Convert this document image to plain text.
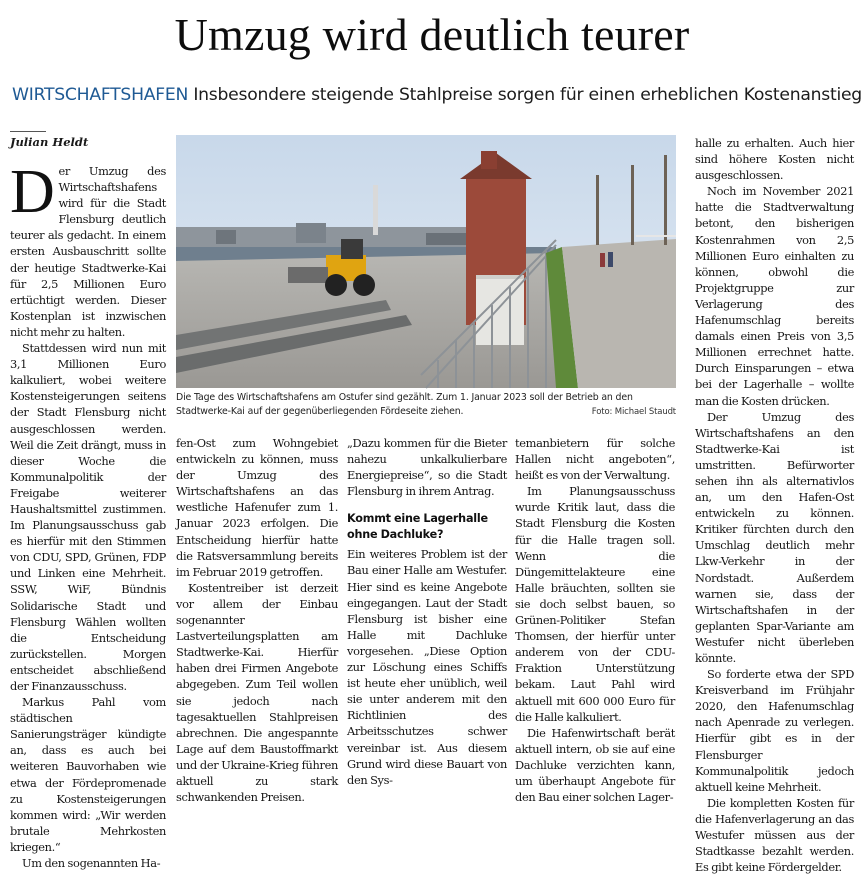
Umzug wird deutlich teurer
WIRTSCHAFTSHAFEN Insbesondere steigende Stahlpreise sorgen für einen erheblichen Kostenanstieg
Julian Heldt

Der Umzug des Wirtschaftshafens wird für die Stadt Flensburg deutlich teurer als gedacht. In einem ersten Ausbauschritt sollte der heutige Stadtwerke-Kai für 2,5 Millionen Euro ertüchtigt werden. Dieser Kostenplan ist inzwischen nicht mehr zu halten.

Stattdessen wird nun mit 3,1 Millionen Euro kalkuliert, wobei weitere Kostensteigerungen seitens der Stadt Flensburg nicht ausgeschlossen werden. Weil die Zeit drängt, muss in dieser Woche die Kommunalpolitik der Freigabe weiterer Haushaltsmittel zustimmen. Im Planungsausschuss gab es hierfür mit den Stimmen von CDU, SPD, Grünen, FDP und Linken eine Mehrheit. SSW, WiF, Bündnis Solidarische Stadt und Flensburg Wählen wollten die Entscheidung zurückstellen. Morgen entscheidet abschließend der Finanzausschuss.

Markus Pahl vom städtischen Sanierungsträger kündigte an, dass es auch bei weiteren Bauvorhaben wie etwa der Fördepromenade zu Kostensteigerungen kommen wird: „Wir werden brutale Mehrkosten kriegen.“

Um den sogenannten Ha-

Die Tage des Wirtschaftshafens am Ostufer sind gezählt. Zum 1. Januar 2023 soll der Betrieb an den Stadtwerke-Kai auf der gegenüberliegenden Fördeseite ziehen.	Foto: Michael Staudt

fen-Ost zum Wohngebiet entwickeln zu können, muss der Umzug des Wirtschaftshafens an das westliche Hafenufer zum 1. Januar 2023 erfolgen. Die Entscheidung hierfür hatte die Ratsversammlung bereits im Februar 2019 getroffen.

Kostentreiber ist derzeit vor allem der Einbau sogenannter Lastverteilungsplatten am Stadtwerke-Kai. Hierfür haben drei Firmen Angebote abgegeben. Zum Teil wollen sie jedoch nach tagesaktuellen Stahlpreisen abrechnen. Die angespannte Lage auf dem Baustoffmarkt und der Ukraine-Krieg führen aktuell zu stark schwankenden Preisen.

„Dazu kommen für die Bieter nahezu unkalkulierbare Energiepreise“, so die Stadt Flensburg in ihrem Antrag.

Kommt eine Lagerhalle ohne Dachluke?

Ein weiteres Problem ist der Bau einer Halle am Westufer. Hier sind es keine Angebote eingegangen. Laut der Stadt Flensburg ist bisher eine Halle mit Dachluke vorgesehen. „Diese Option zur Löschung eines Schiffs ist heute eher unüblich, weil sie unter anderem mit den Richtlinien des Arbeitsschutzes schwer vereinbar ist. Aus diesem Grund wird diese Bauart von den Sys-

temanbietern für solche Hallen nicht angeboten“, heißt es von der Verwaltung.

Im Planungsausschuss wurde Kritik laut, dass die Stadt Flensburg die Kosten für die Halle tragen soll. Wenn die Düngemittelakteure eine Halle bräuchten, sollten sie sie doch selbst bauen, so Grünen-Politiker Stefan Thomsen, der hierfür unter anderem von der CDU-Fraktion Unterstützung bekam. Laut Pahl wird aktuell mit 600 000 Euro für die Halle kalkuliert.

Die Hafenwirtschaft berät aktuell intern, ob sie auf eine Dachluke verzichten kann, um überhaupt Angebote für den Bau einer solchen Lager-

halle zu erhalten. Auch hier sind höhere Kosten nicht ausgeschlossen.

Noch im November 2021 hatte die Stadtverwaltung betont, den bisherigen Kostenrahmen von 2,5 Millionen Euro einhalten zu können, obwohl die Projektgruppe zur Verlagerung des Hafenumschlag bereits damals einen Preis von 3,5 Millionen errechnet hatte. Durch Einsparungen – etwa bei der Lagerhalle – wollte man die Kosten drücken.

Der Umzug des Wirtschaftshafens an den Stadtwerke-Kai ist umstritten. Befürworter sehen ihn als alternativlos an, um den Hafen-Ost entwickeln zu können. Kritiker fürchten durch den Umschlag deutlich mehr Lkw-Verkehr in der Nordstadt. Außerdem warnen sie, dass der Wirtschaftshafen in der geplanten Spar-Variante am Westufer nicht überleben könnte.

So forderte etwa der SPD Kreisverband im Frühjahr 2020, den Hafenumschlag nach Apenrade zu verlegen. Hierfür gibt es in der Flensburger Kommunalpolitik jedoch aktuell keine Mehrheit.

Die kompletten Kosten für die Hafenverlagerung an das Westufer müssen aus der Stadtkasse bezahlt werden. Es gibt keine Fördergelder.
